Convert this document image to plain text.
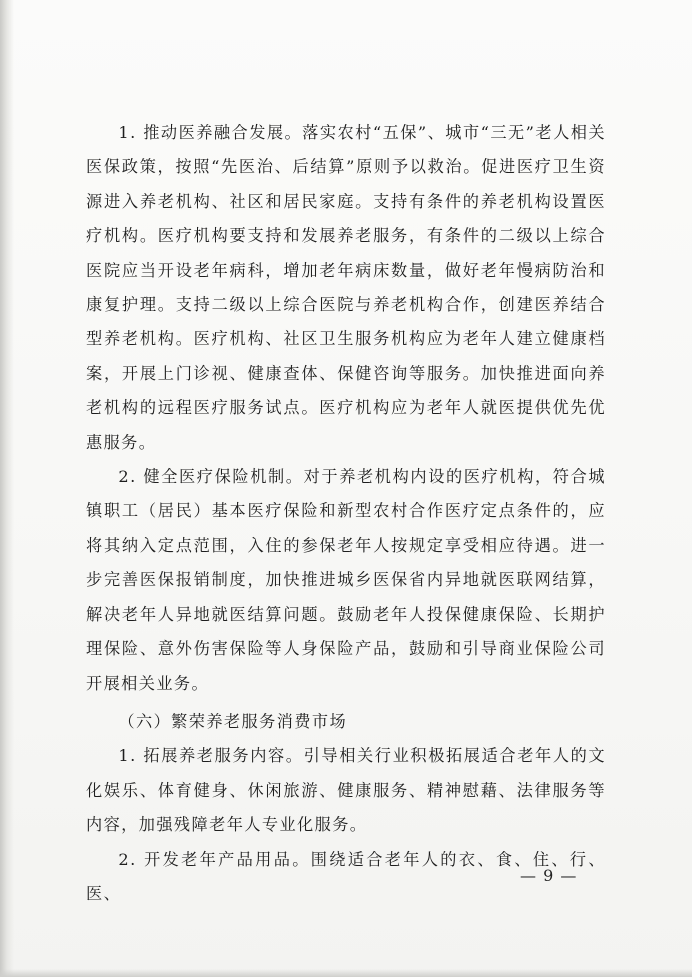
1. 推动医养融合发展。落实农村“五保”、城市“三无”老人相关医保政策，按照“先医治、后结算”原则予以救治。促进医疗卫生资源进入养老机构、社区和居民家庭。支持有条件的养老机构设置医疗机构。医疗机构要支持和发展养老服务，有条件的二级以上综合医院应当开设老年病科，增加老年病床数量，做好老年慢病防治和康复护理。支持二级以上综合医院与养老机构合作，创建医养结合型养老机构。医疗机构、社区卫生服务机构应为老年人建立健康档案，开展上门诊视、健康查体、保健咨询等服务。加快推进面向养老机构的远程医疗服务试点。医疗机构应为老年人就医提供优先优惠服务。

2. 健全医疗保险机制。对于养老机构内设的医疗机构，符合城镇职工（居民）基本医疗保险和新型农村合作医疗定点条件的，应将其纳入定点范围，入住的参保老年人按规定享受相应待遇。进一步完善医保报销制度，加快推进城乡医保省内异地就医联网结算，解决老年人异地就医结算问题。鼓励老年人投保健康保险、长期护理保险、意外伤害保险等人身保险产品，鼓励和引导商业保险公司开展相关业务。

（六）繁荣养老服务消费市场

1. 拓展养老服务内容。引导相关行业积极拓展适合老年人的文化娱乐、体育健身、休闲旅游、健康服务、精神慰藉、法律服务等内容，加强残障老年人专业化服务。

2. 开发老年产品用品。围绕适合老年人的衣、食、住、行、医、

— 9 —
